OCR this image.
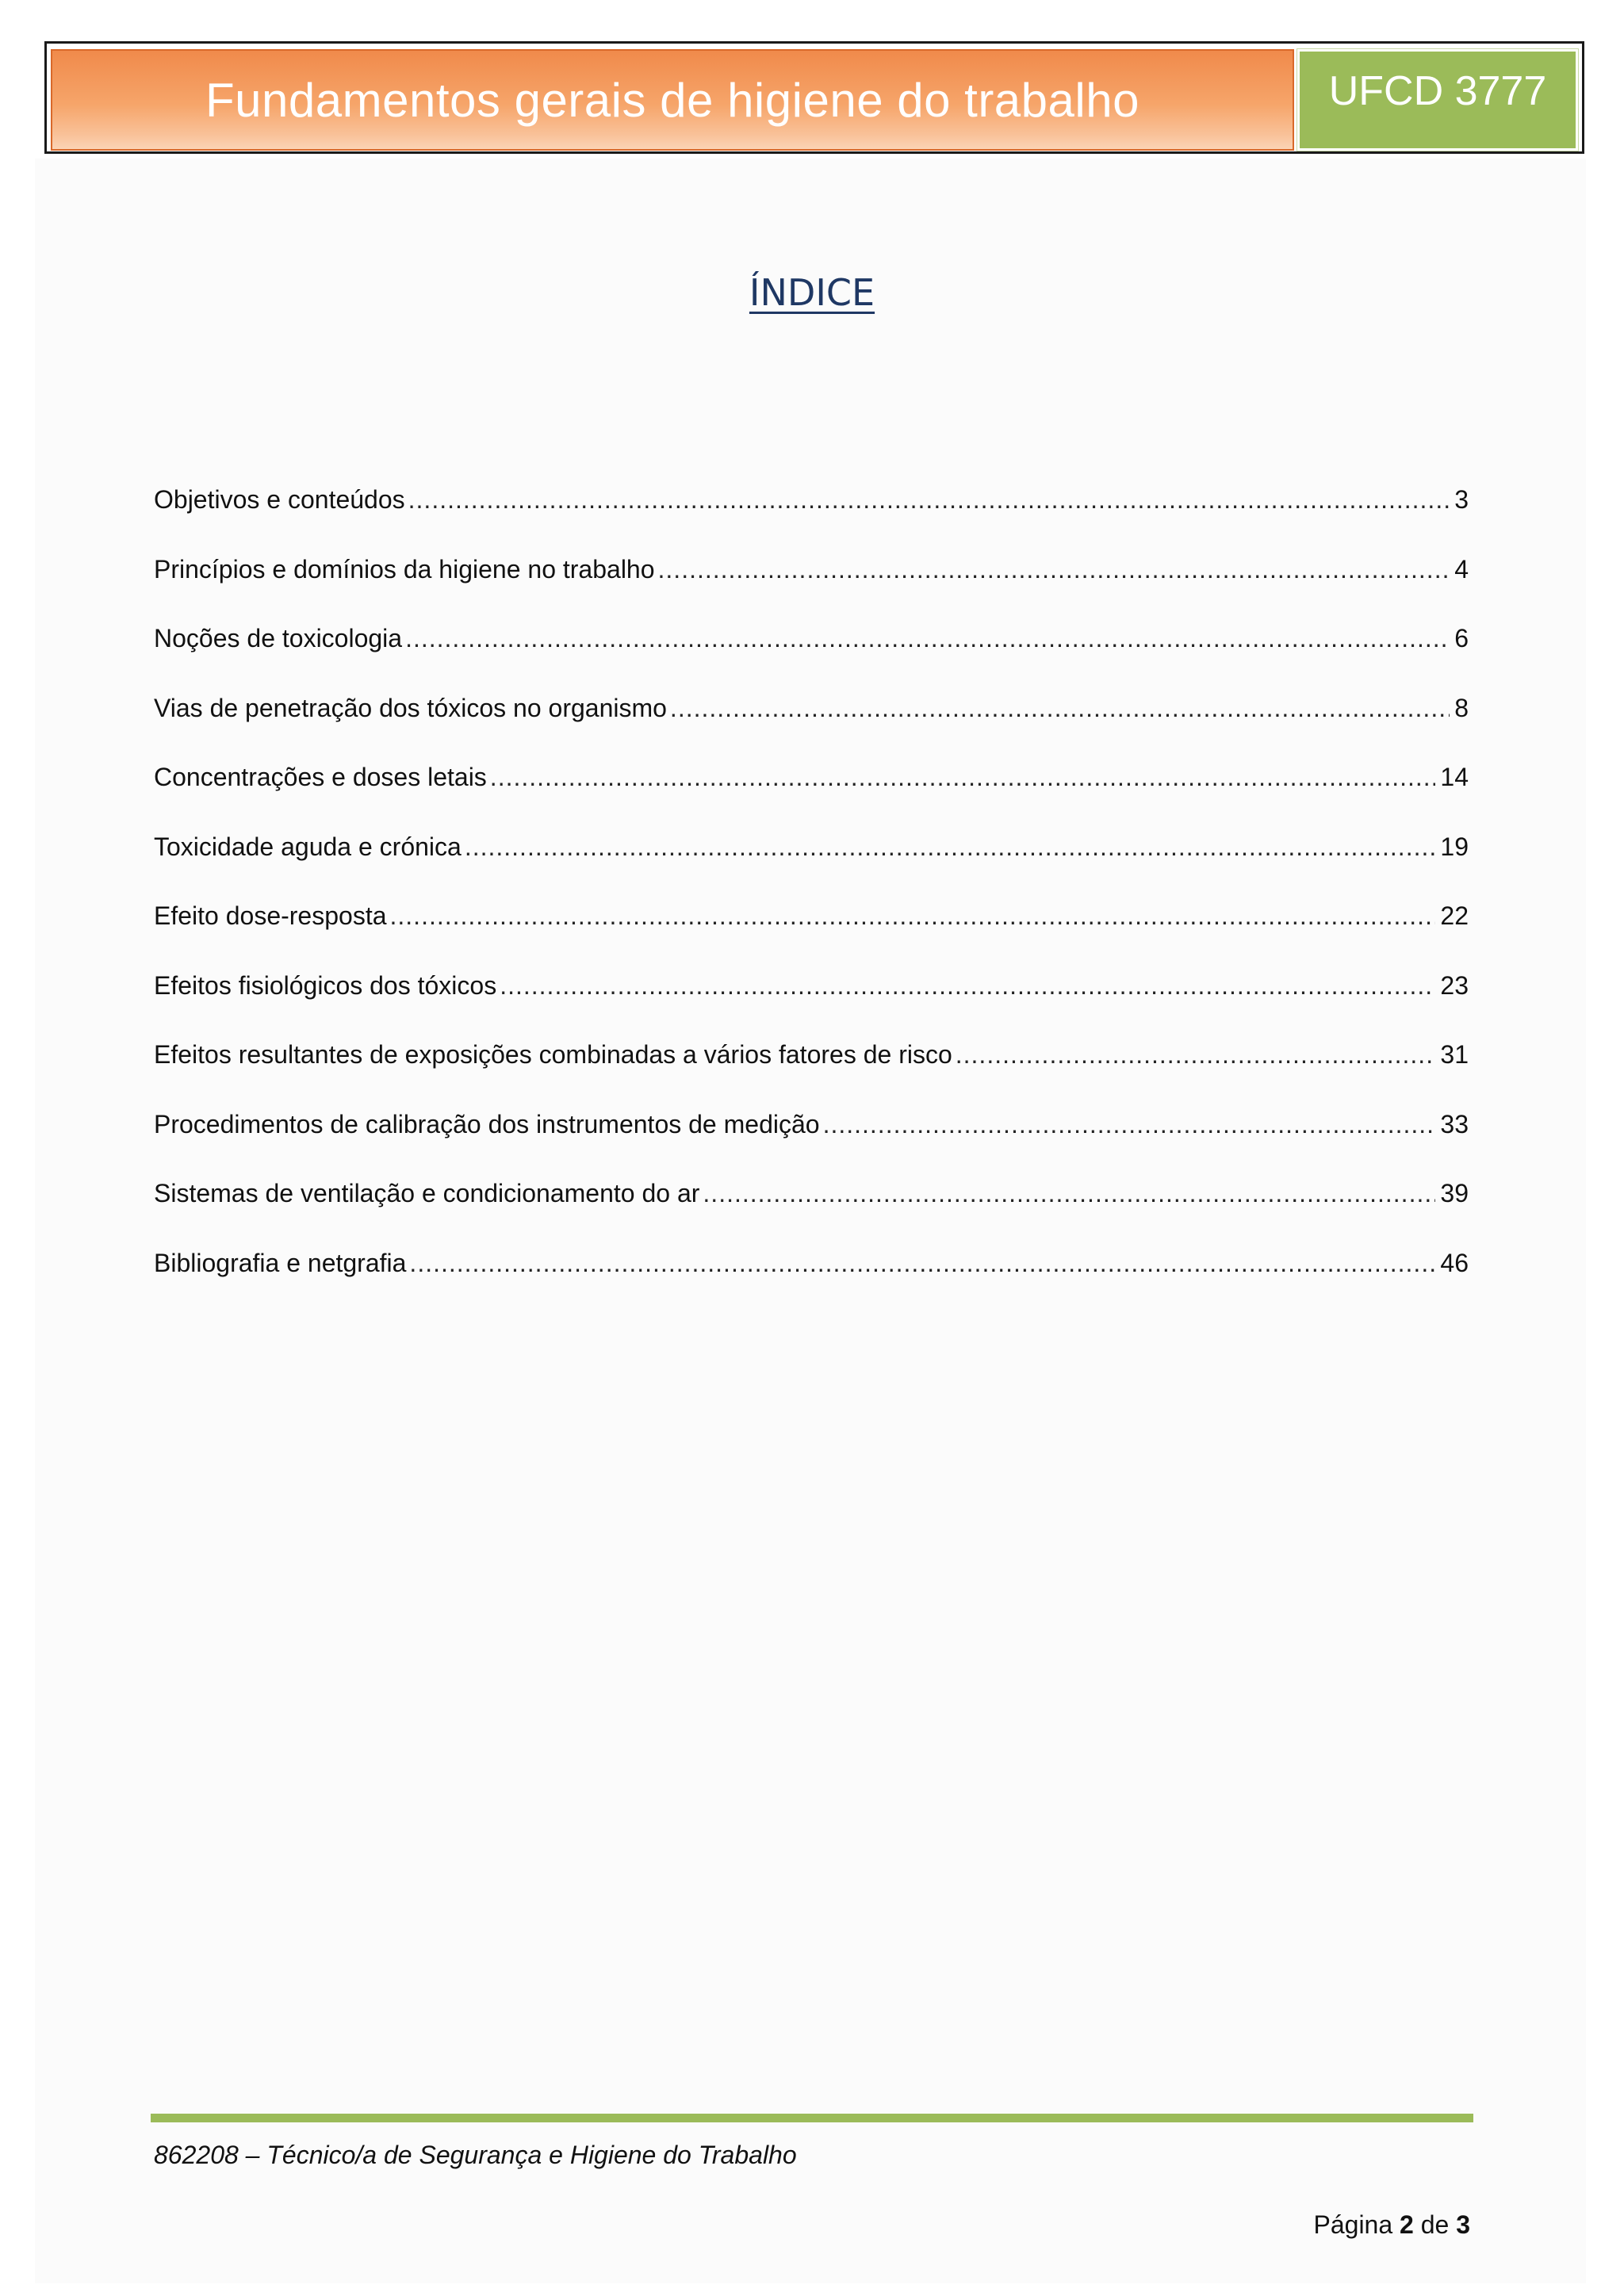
Fundamentos gerais de higiene do trabalho	UFCD 3777
ÍNDICE
Objetivos e conteúdos .....	3
Princípios e domínios da higiene no trabalho .....	4
Noções de toxicologia .....	6
Vias de penetração dos tóxicos no organismo .....	8
Concentrações e doses letais .....	14
Toxicidade aguda e crónica .....	19
Efeito dose-resposta .....	22
Efeitos fisiológicos dos tóxicos .....	23
Efeitos resultantes de exposições combinadas a vários fatores de risco .....	31
Procedimentos de calibração dos instrumentos de medição .....	33
Sistemas de ventilação e condicionamento do ar .....	39
Bibliografia e netgrafia .....	46
862208 – Técnico/a de Segurança e Higiene do Trabalho
Página 2 de 3
